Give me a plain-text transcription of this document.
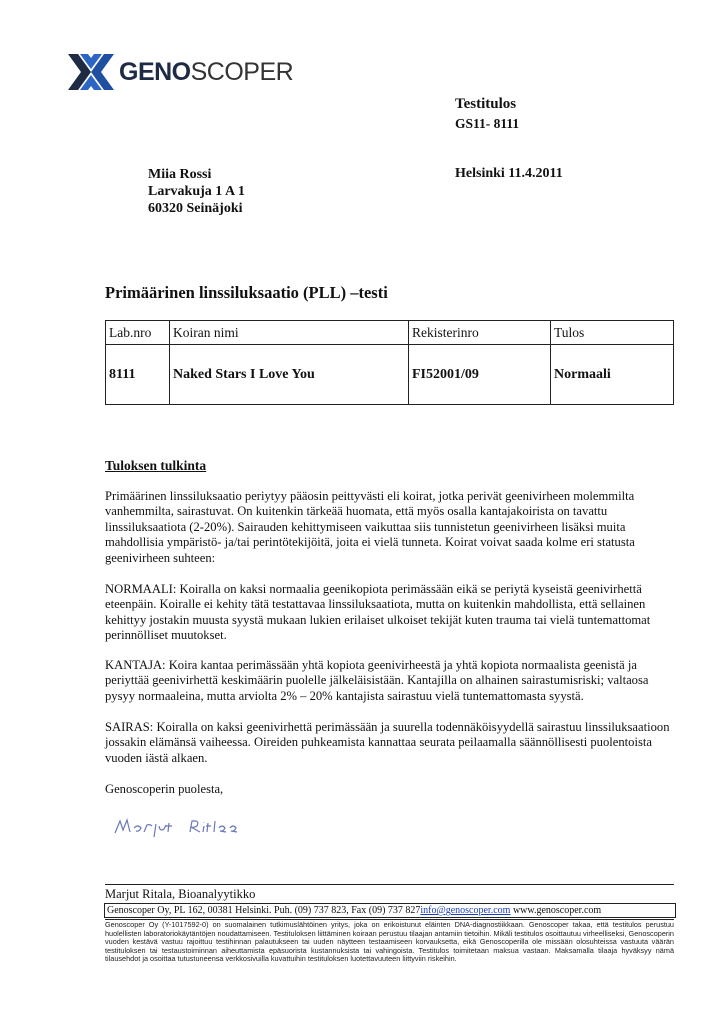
GENOSCOPER
Testitulos
GS11- 8111
Miia Rossi
Larvakuja 1 A 1
60320 Seinäjoki
Helsinki 11.4.2011
Primäärinen linssiluksaatio (PLL) –testi
Lab.nro	Koiran nimi	Rekisterinro	Tulos
8111	Naked Stars I Love You	FI52001/09	Normaali
Tuloksen tulkinta
Primäärinen linssiluksaatio periytyy pääosin peittyvästi eli koirat, jotka perivät geenivirheen molemmilta vanhemmilta, sairastuvat. On kuitenkin tärkeää huomata, että myös osalla kantajakoirista on tavattu linssiluksaatiota (2-20%). Sairauden kehittymiseen vaikuttaa siis tunnistetun geenivirheen lisäksi muita mahdollisia ympäristö- ja/tai perintötekijöitä, joita ei vielä tunneta. Koirat voivat saada kolme eri statusta geenivirheen suhteen:
NORMAALI: Koiralla on kaksi normaalia geenikopiota perimässään eikä se periytä kyseistä geenivirhettä eteenpäin. Koiralle ei kehity tätä testattavaa linssiluksaatiota, mutta on kuitenkin mahdollista, että sellainen kehittyy jostakin muusta syystä mukaan lukien erilaiset ulkoiset tekijät kuten trauma tai vielä tuntemattomat perinnölliset muutokset.
KANTAJA: Koira kantaa perimässään yhtä kopiota geenivirheestä ja yhtä kopiota normaalista geenistä ja periyttää geenivirhettä keskimäärin puolelle jälkeläisistään. Kantajilla on alhainen sairastumisriski; valtaosa pysyy normaaleina, mutta arviolta 2% – 20% kantajista sairastuu vielä tuntemattomasta syystä.
SAIRAS: Koiralla on kaksi geenivirhettä perimässään ja suurella todennäköisyydellä sairastuu linssiluksaatioon jossakin elämänsä vaiheessa. Oireiden puhkeamista kannattaa seurata peilaamalla säännöllisesti puolentoista vuoden iästä alkaen.
Genoscoperin puolesta,
Marjut Ritala, Bioanalyytikko
Genoscoper Oy, PL 162, 00381 Helsinki. Puh. (09) 737 823, Fax (09) 737 827info@genoscoper.com www.genoscoper.com
Genoscoper Oy (Y-1017592-0) on suomalainen tutkimuslähtöinen yritys, joka on erikoistunut eläinten DNA-diagnostiikkaan. Genoscoper takaa, että testitulos perustuu huolellisten laboratoriokäytäntöjen noudattamiseen. Testituloksen liittäminen koiraan perustuu tilaajan antamiin tietoihin. Mikäli testitulos osoittautuu virheelliseksi, Genoscoperin vuoden kestävä vastuu rajoittuu testihinnan palautukseen tai uuden näytteen testaamiseen korvauksetta, eikä Genoscoperilla ole missään olosuhteissa vastuuta väärän testituloksen tai testaustoiminnan aiheuttamista epäsuorista kustannuksista tai vahingoista. Testitulos toimitetaan maksua vastaan. Maksamalla tilaaja hyväksyy nämä tilausehdot ja osoittaa tutustuneensa verkkosivuilla kuvattuihin testituloksen luotettavuuteen liittyviin riskeihin.
